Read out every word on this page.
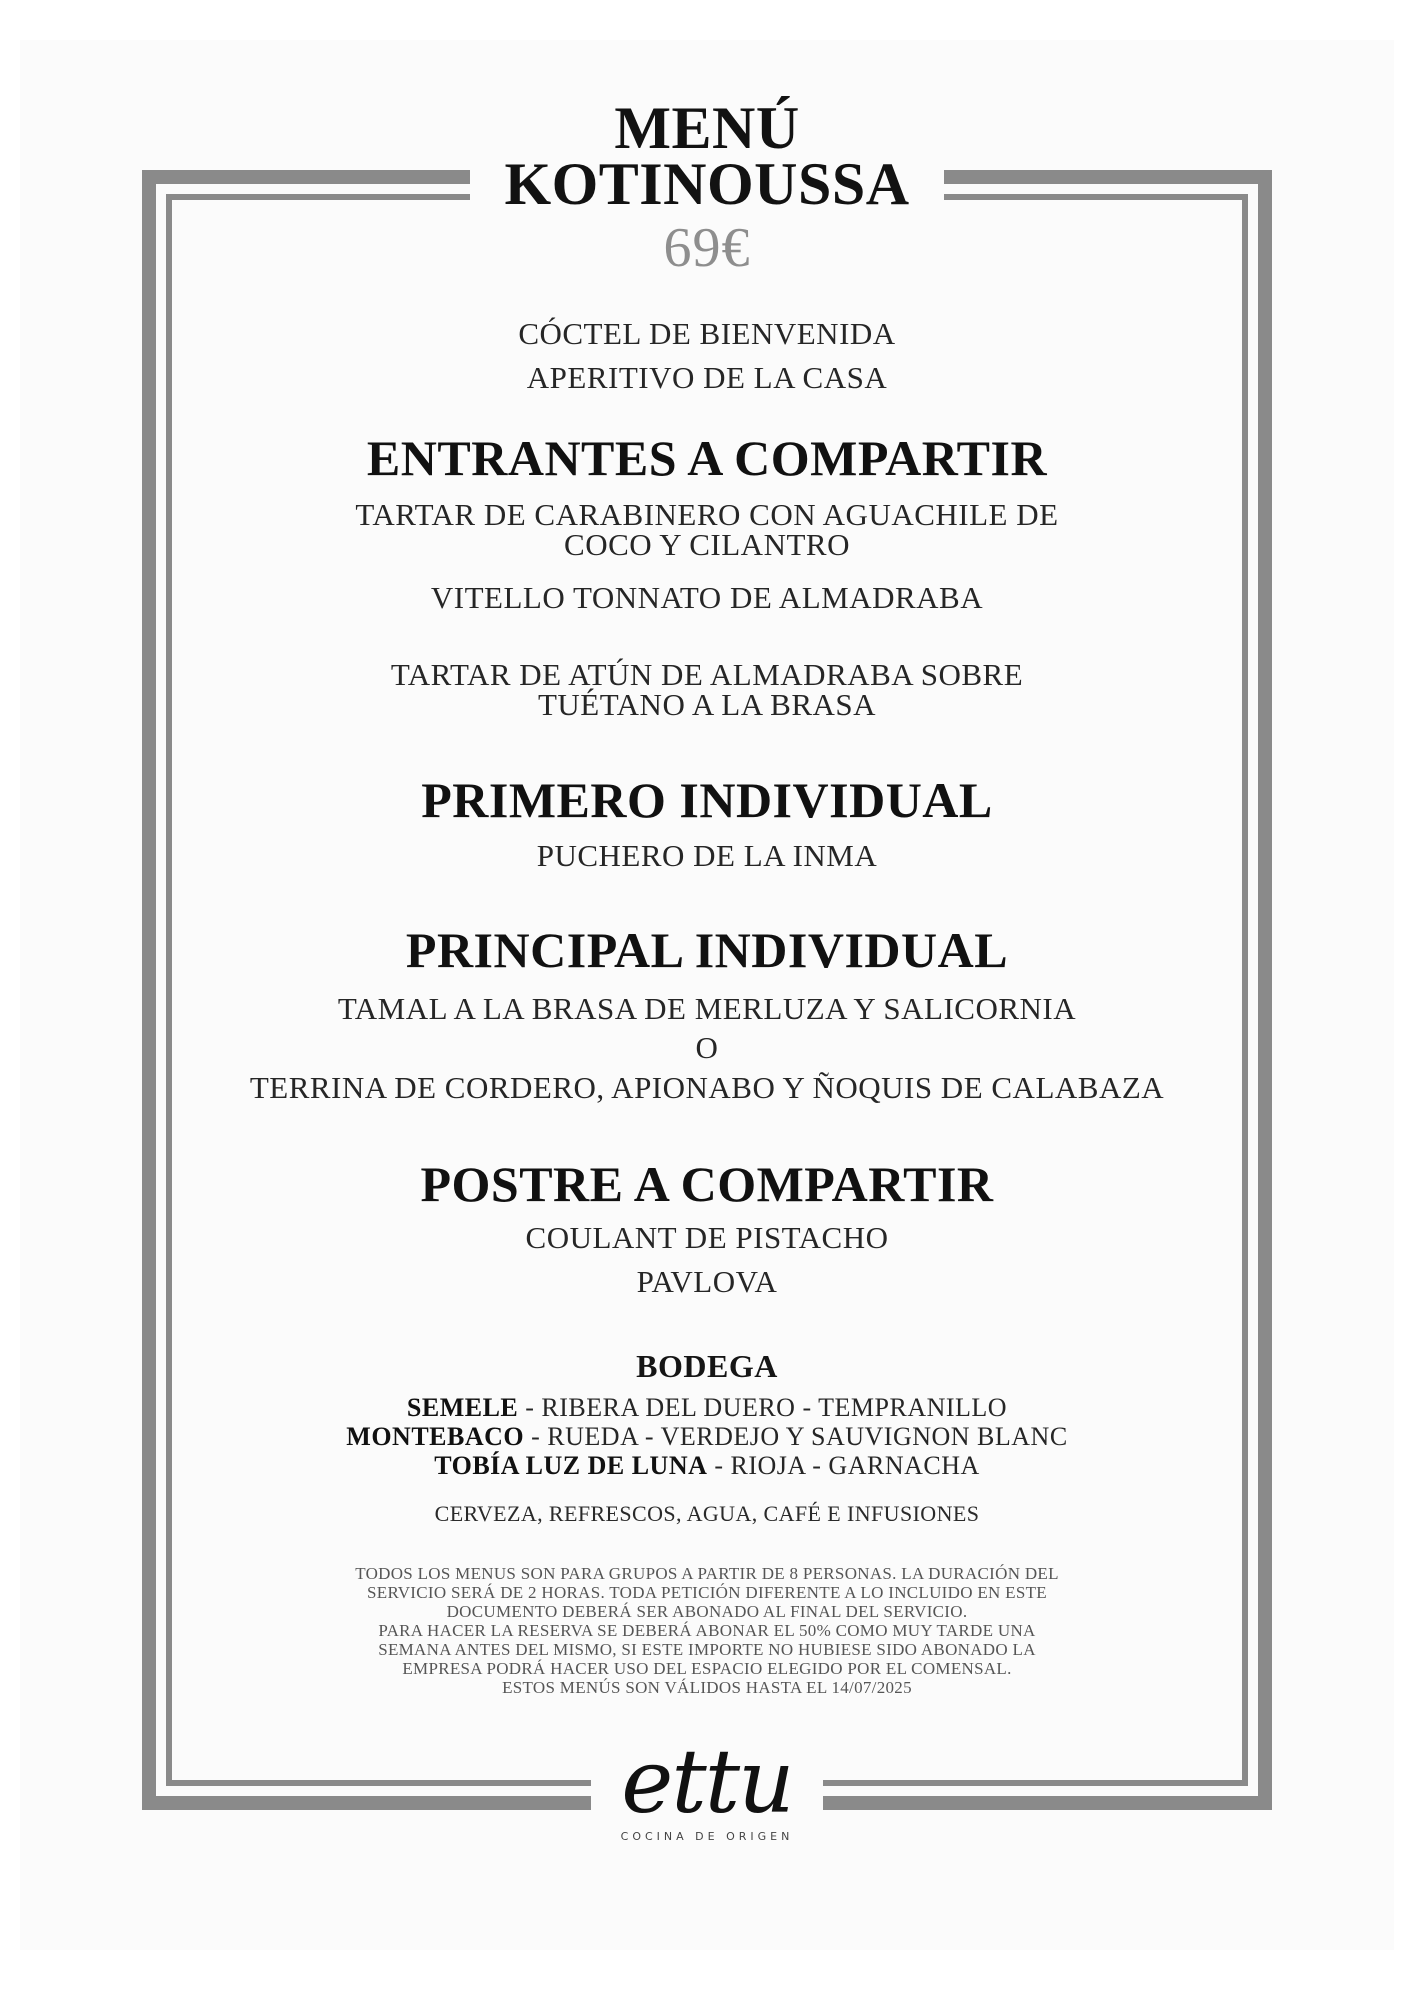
MENÚ
KOTINOUSSA
69€
CÓCTEL DE BIENVENIDA
APERITIVO DE LA CASA
ENTRANTES A COMPARTIR
TARTAR DE CARABINERO CON AGUACHILE DE
COCO Y CILANTRO
VITELLO TONNATO DE ALMADRABA
TARTAR DE ATÚN DE ALMADRABA SOBRE
TUÉTANO A LA BRASA
PRIMERO INDIVIDUAL
PUCHERO DE LA INMA
PRINCIPAL INDIVIDUAL
TAMAL A LA BRASA DE MERLUZA Y SALICORNIA
O
TERRINA DE CORDERO, APIONABO Y ÑOQUIS DE CALABAZA
POSTRE A COMPARTIR
COULANT DE PISTACHO
PAVLOVA
BODEGA
SEMELE - RIBERA DEL DUERO - TEMPRANILLO
MONTEBACO - RUEDA - VERDEJO Y SAUVIGNON BLANC
TOBÍA LUZ DE LUNA - RIOJA - GARNACHA
CERVEZA, REFRESCOS, AGUA, CAFÉ E INFUSIONES
TODOS LOS MENUS SON PARA GRUPOS A PARTIR DE 8 PERSONAS. LA DURACIÓN DEL
SERVICIO SERÁ DE 2 HORAS. TODA PETICIÓN DIFERENTE A LO INCLUIDO EN ESTE
DOCUMENTO DEBERÁ SER ABONADO AL FINAL DEL SERVICIO.
PARA HACER LA RESERVA SE DEBERÁ ABONAR EL 50% COMO MUY TARDE UNA
SEMANA ANTES DEL MISMO, SI ESTE IMPORTE NO HUBIESE SIDO ABONADO LA
EMPRESA PODRÁ HACER USO DEL ESPACIO ELEGIDO POR EL COMENSAL.
ESTOS MENÚS SON VÁLIDOS HASTA EL 14/07/2025
ettu
COCINA DE ORIGEN
